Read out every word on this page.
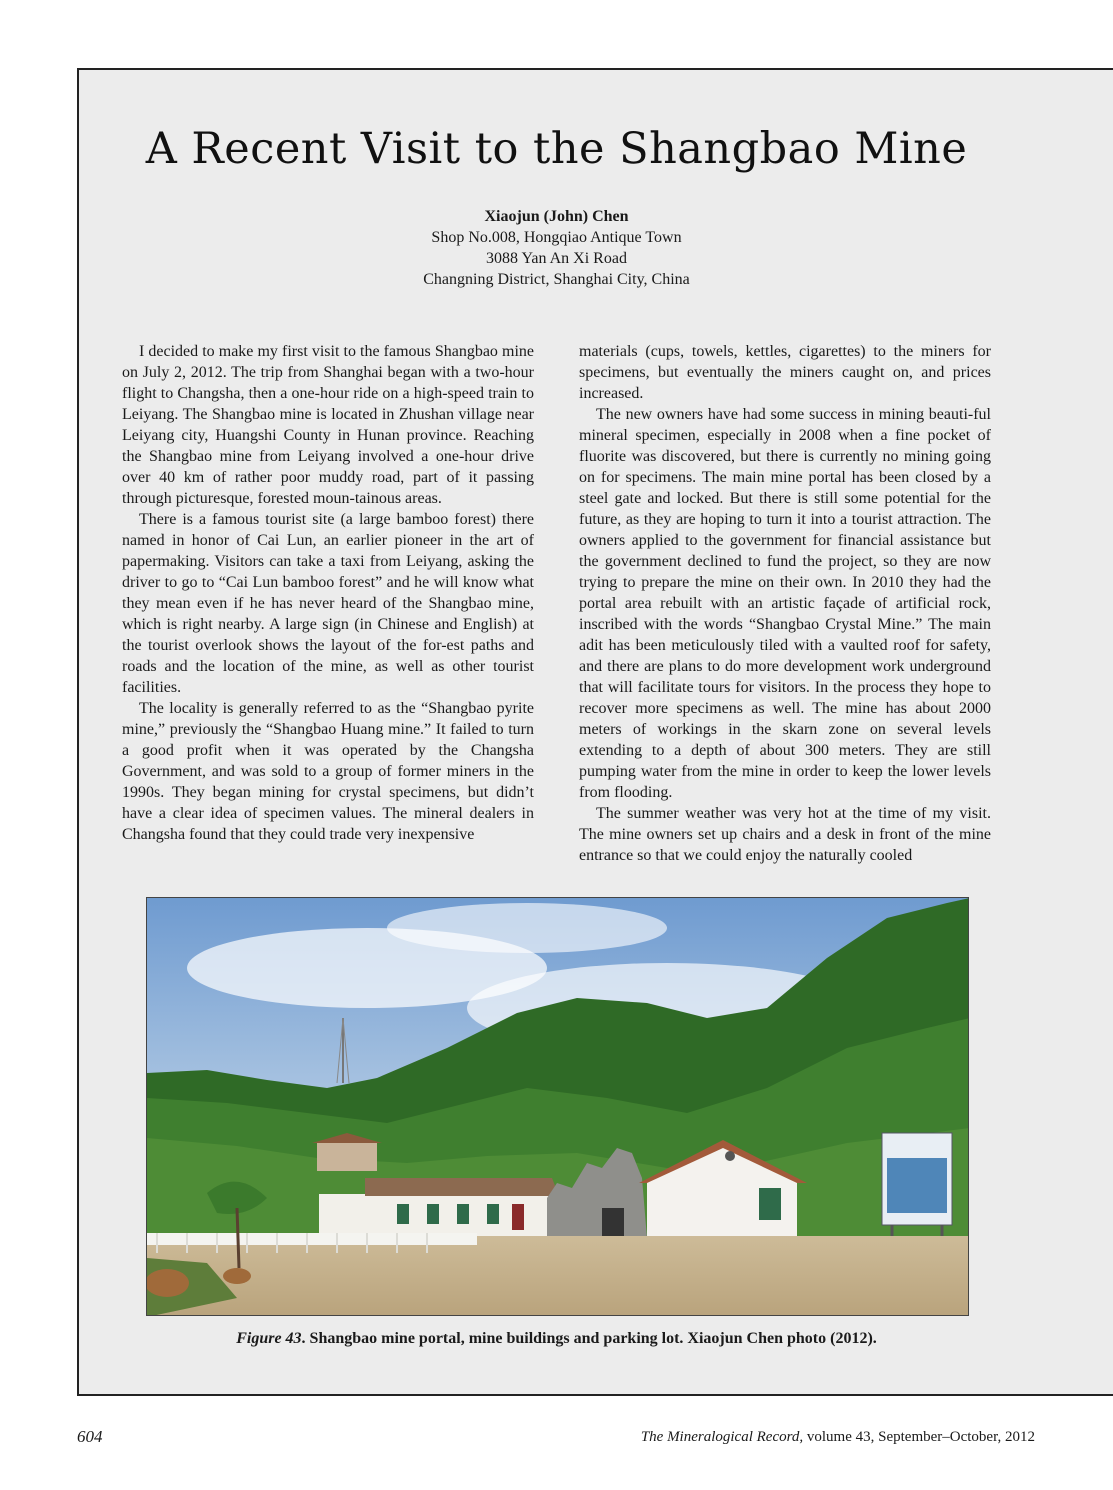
A Recent Visit to the Shangbao Mine
Xiaojun (John) Chen
Shop No.008, Hongqiao Antique Town
3088 Yan An Xi Road
Changning District, Shanghai City, China

I decided to make my first visit to the famous Shangbao mine on July 2, 2012. The trip from Shanghai began with a two-hour flight to Changsha, then a one-hour ride on a high-speed train to Leiyang. The Shangbao mine is located in Zhushan village near Leiyang city, Huangshi County in Hunan province. Reaching the Shangbao mine from Leiyang involved a one-hour drive over 40 km of rather poor muddy road, part of it passing through picturesque, forested moun-tainous areas.

There is a famous tourist site (a large bamboo forest) there named in honor of Cai Lun, an earlier pioneer in the art of papermaking. Visitors can take a taxi from Leiyang, asking the driver to go to “Cai Lun bamboo forest” and he will know what they mean even if he has never heard of the Shangbao mine, which is right nearby. A large sign (in Chinese and English) at the tourist overlook shows the layout of the for-est paths and roads and the location of the mine, as well as other tourist facilities.

The locality is generally referred to as the “Shangbao pyrite mine,” previously the “Shangbao Huang mine.” It failed to turn a good profit when it was operated by the Changsha Government, and was sold to a group of former miners in the 1990s. They began mining for crystal specimens, but didn’t have a clear idea of specimen values. The mineral dealers in Changsha found that they could trade very inexpensive

materials (cups, towels, kettles, cigarettes) to the miners for specimens, but eventually the miners caught on, and prices increased.

The new owners have had some success in mining beauti-ful mineral specimen, especially in 2008 when a fine pocket of fluorite was discovered, but there is currently no mining going on for specimens. The main mine portal has been closed by a steel gate and locked. But there is still some potential for the future, as they are hoping to turn it into a tourist attraction. The owners applied to the government for financial assistance but the government declined to fund the project, so they are now trying to prepare the mine on their own. In 2010 they had the portal area rebuilt with an artistic façade of artificial rock, inscribed with the words “Shangbao Crystal Mine.” The main adit has been meticulously tiled with a vaulted roof for safety, and there are plans to do more development work underground that will facilitate tours for visitors. In the process they hope to recover more specimens as well. The mine has about 2000 meters of workings in the skarn zone on several levels extending to a depth of about 300 meters. They are still pumping water from the mine in order to keep the lower levels from flooding.

The summer weather was very hot at the time of my visit. The mine owners set up chairs and a desk in front of the mine entrance so that we could enjoy the naturally cooled

Figure 43. Shangbao mine portal, mine buildings and parking lot. Xiaojun Chen photo (2012).
604	The Mineralogical Record, volume 43, September–October, 2012
